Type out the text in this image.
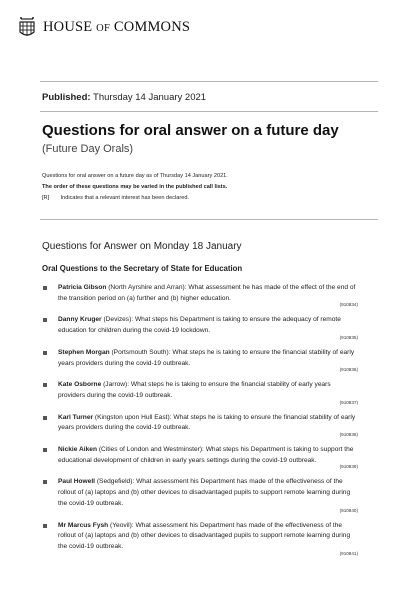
HOUSE OF COMMONS
Published: Thursday 14 January 2021
Questions for oral answer on a future day
(Future Day Orals)
Questions for oral answer on a future day as of Thursday 14 January 2021.
The order of these questions may be varied in the published call lists.
[R] Indicates that a relevant interest has been declared.
Questions for Answer on Monday 18 January
Oral Questions to the Secretary of State for Education
Patricia Gibson (North Ayrshire and Arran): What assessment he has made of the effect of the end of the transition period on (a) further and (b) higher education.
(910834)
Danny Kruger (Devizes): What steps his Department is taking to ensure the adequacy of remote education for children during the covid-19 lockdown.
(910835)
Stephen Morgan (Portsmouth South): What steps he is taking to ensure the financial stability of early years providers during the covid-19 outbreak.
(910836)
Kate Osborne (Jarrow): What steps he is taking to ensure the financial stability of early years providers during the covid-19 outbreak.
(910837)
Karl Turner (Kingston upon Hull East): What steps he is taking to ensure the financial stability of early years providers during the covid-19 outbreak.
(910838)
Nickie Aiken (Cities of London and Westminster): What steps his Department is taking to support the educational development of children in early years settings during the covid-19 outbreak.
(910839)
Paul Howell (Sedgefield): What assessment his Department has made of the effectiveness of the rollout of (a) laptops and (b) other devices to disadvantaged pupils to support remote learning during the covid-19 outbreak.
(910840)
Mr Marcus Fysh (Yeovil): What assessment his Department has made of the effectiveness of the rollout of (a) laptops and (b) other devices to disadvantaged pupils to support remote learning during the covid-19 outbreak.
(910841)
